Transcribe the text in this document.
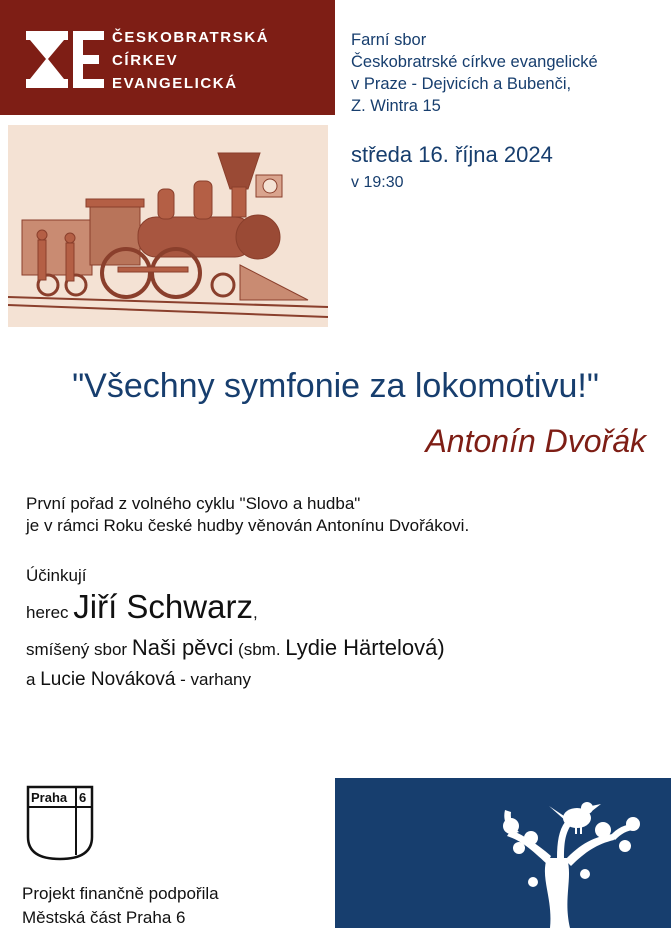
ČESKOBRATRSKÁ
CÍRKEV
EVANGELICKÁ
Farní sbor
Českobratrské církve evangelické
v Praze - Dejvicích a Bubenči,
Z. Wintra 15
středa 16. října 2024
v 19:30
"Všechny symfonie za lokomotivu!"
Antonín Dvořák
První pořad z volného cyklu "Slovo a hudba"
je v rámci Roku české hudby věnován Antonínu Dvořákovi.
Účinkují
herec Jiří Schwarz,
smíšený sbor Naši pěvci (sbm. Lydie Härtelová)
a Lucie Nováková - varhany
Praha 6
Projekt finančně podpořila
Městská část Praha 6
